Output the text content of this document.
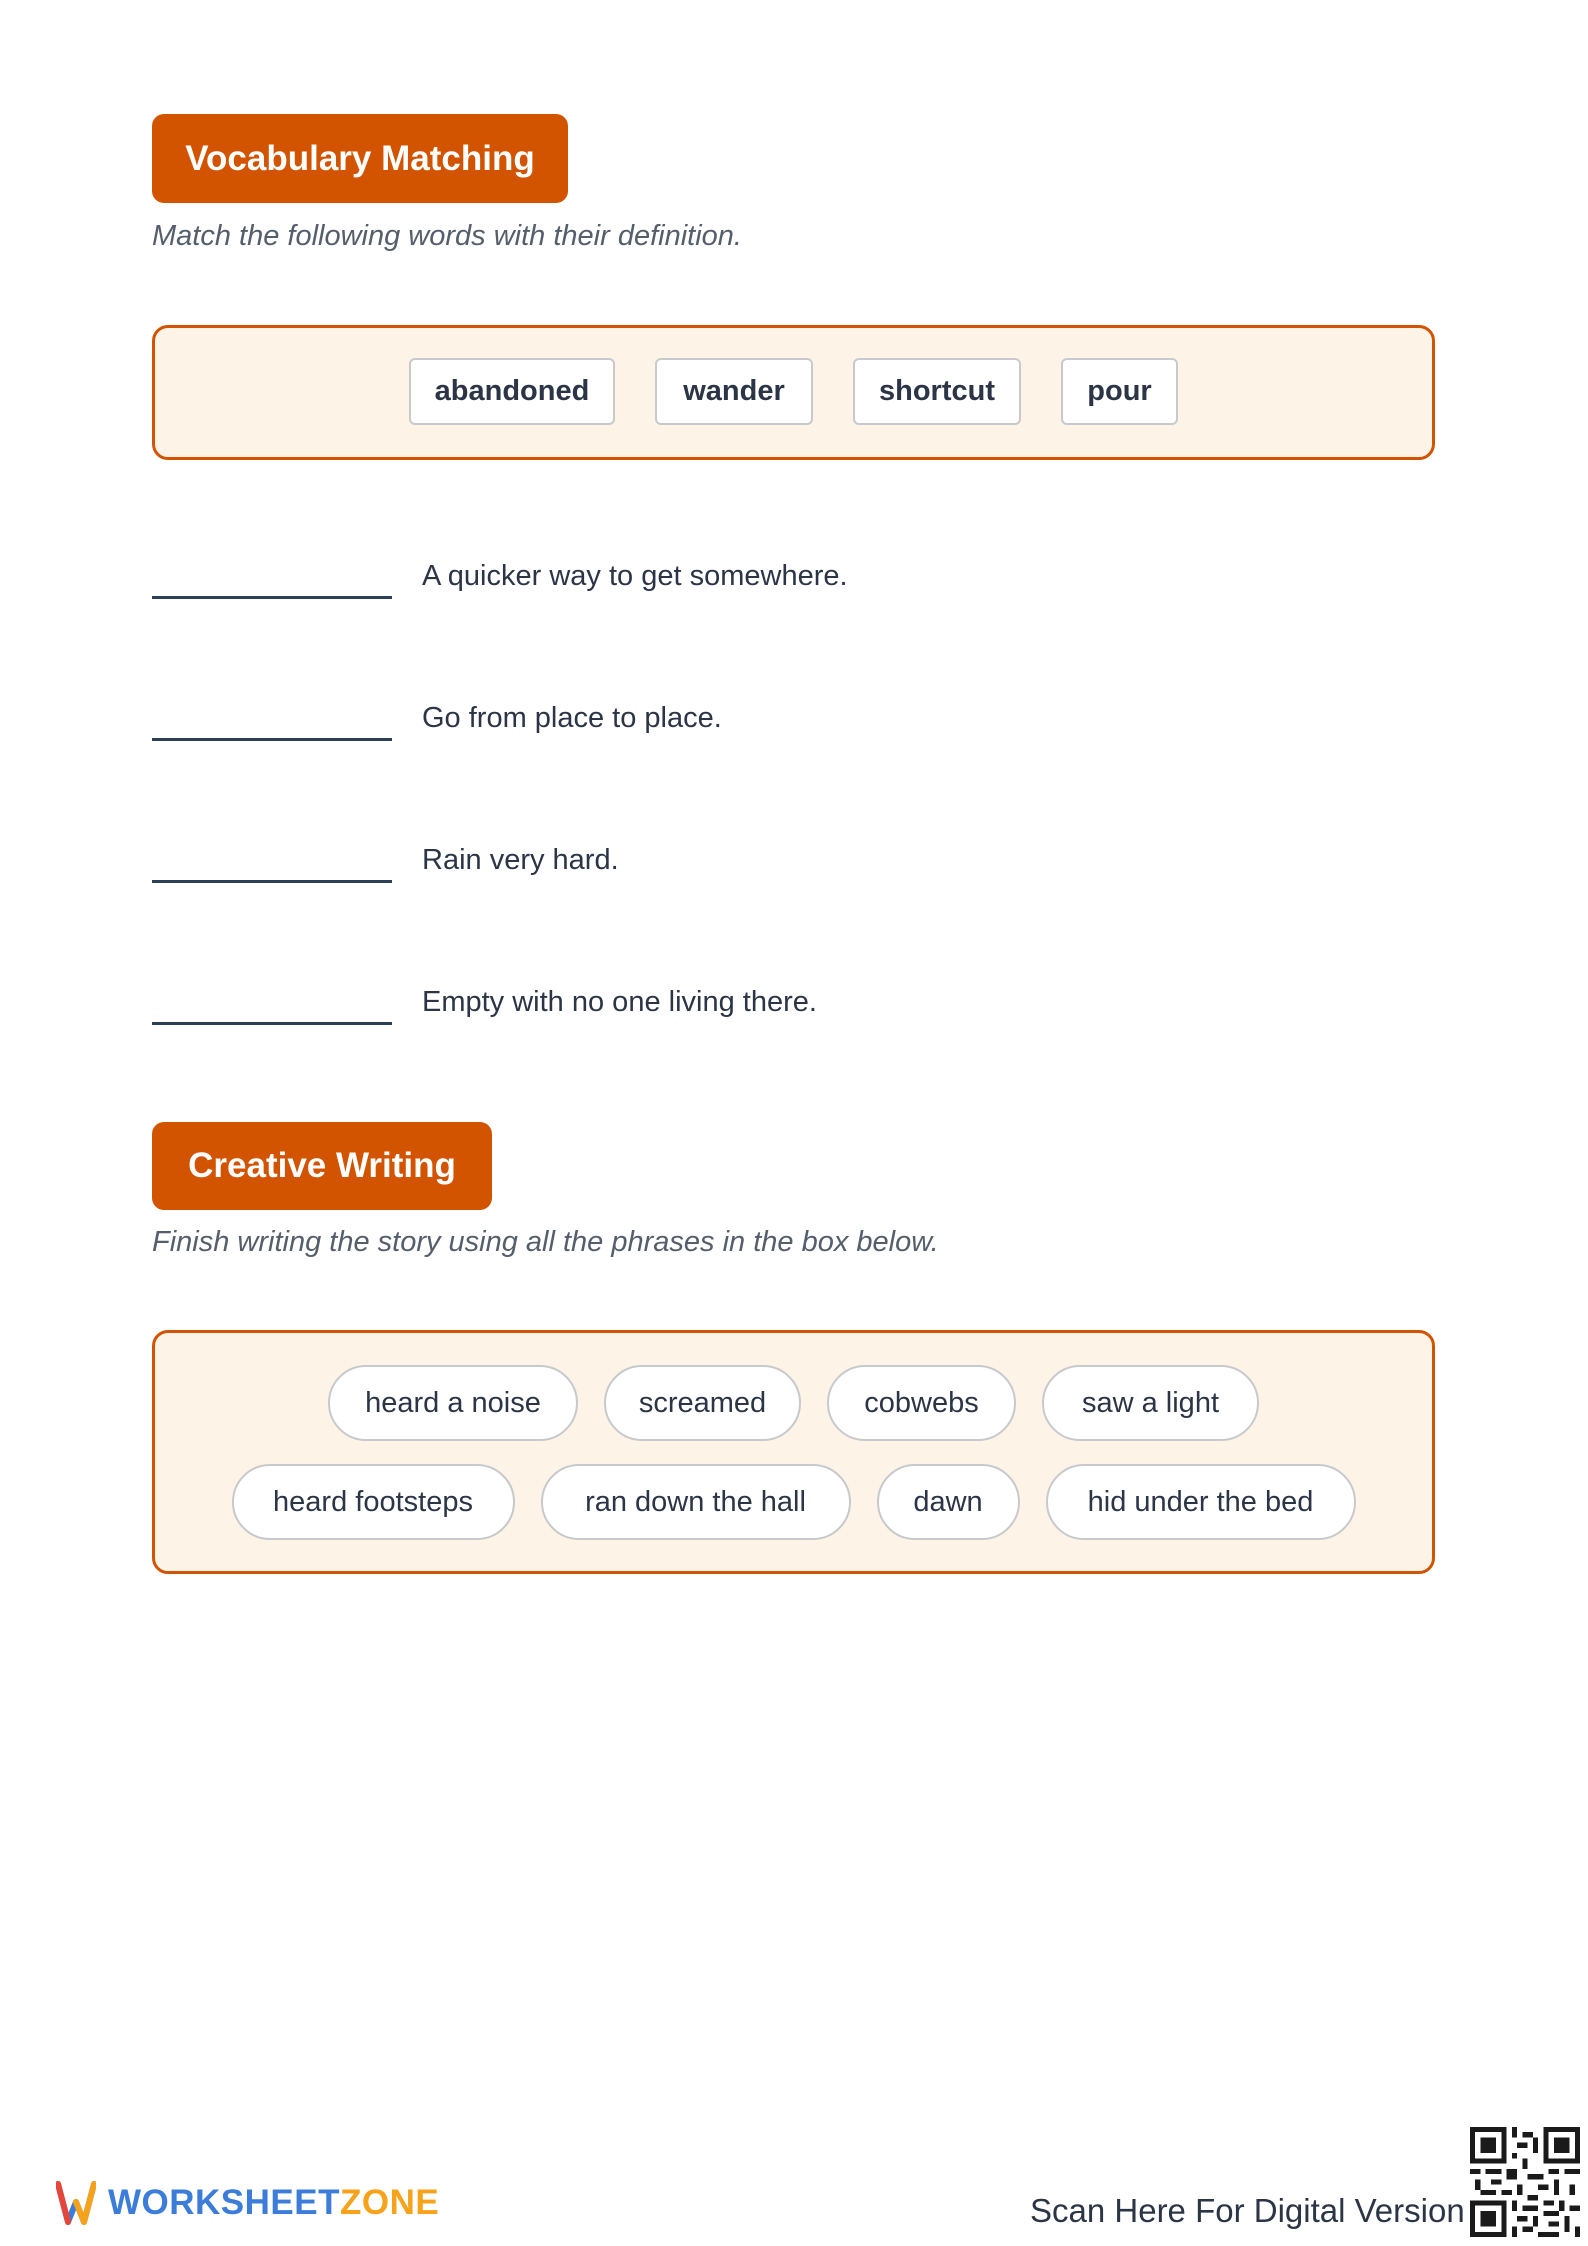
Vocabulary Matching
Match the following words with their definition.
abandoned	wander	shortcut	pour
A quicker way to get somewhere.
Go from place to place.
Rain very hard.
Empty with no one living there.
Creative Writing
Finish writing the story using all the phrases in the box below.
heard a noise	screamed	cobwebs	saw a light
heard footsteps	ran down the hall	dawn	hid under the bed
WORKSHEETZONE	Scan Here For Digital Version
